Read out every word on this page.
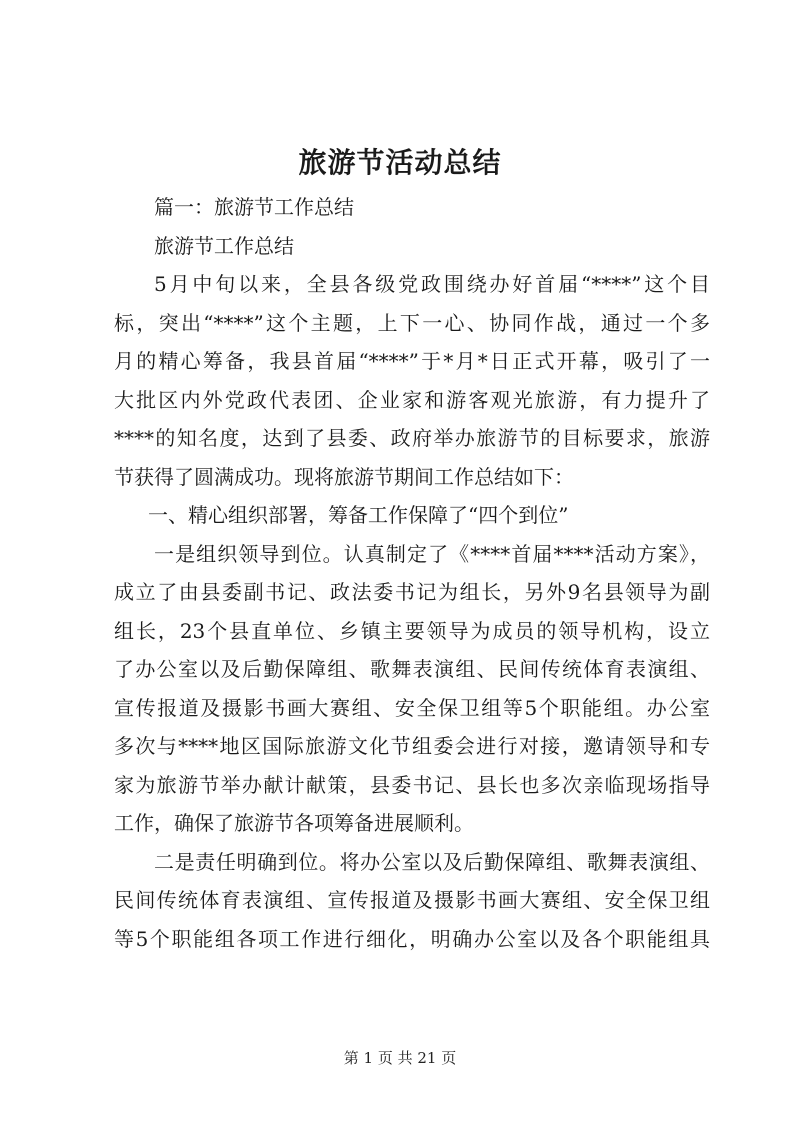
旅游节活动总结
篇一：旅游节工作总结
旅游节工作总结
5月中旬以来，全县各级党政围绕办好首届“****”这个目
标，突出“****”这个主题，上下一心、协同作战，通过一个多
月的精心筹备，我县首届“****”于*月*日正式开幕，吸引了一
大批区内外党政代表团、企业家和游客观光旅游，有力提升了
****的知名度，达到了县委、政府举办旅游节的目标要求，旅游
节获得了圆满成功。现将旅游节期间工作总结如下：
一、精心组织部署，筹备工作保障了“四个到位”
一是组织领导到位。认真制定了《****首届****活动方案》，
成立了由县委副书记、政法委书记为组长，另外9名县领导为副
组长，23个县直单位、乡镇主要领导为成员的领导机构，设立
了办公室以及后勤保障组、歌舞表演组、民间传统体育表演组、
宣传报道及摄影书画大赛组、安全保卫组等5个职能组。办公室
多次与****地区国际旅游文化节组委会进行对接，邀请领导和专
家为旅游节举办献计献策，县委书记、县长也多次亲临现场指导
工作，确保了旅游节各项筹备进展顺利。
二是责任明确到位。将办公室以及后勤保障组、歌舞表演组、
民间传统体育表演组、宣传报道及摄影书画大赛组、安全保卫组
等5个职能组各项工作进行细化，明确办公室以及各个职能组具
第 1 页 共 21 页
